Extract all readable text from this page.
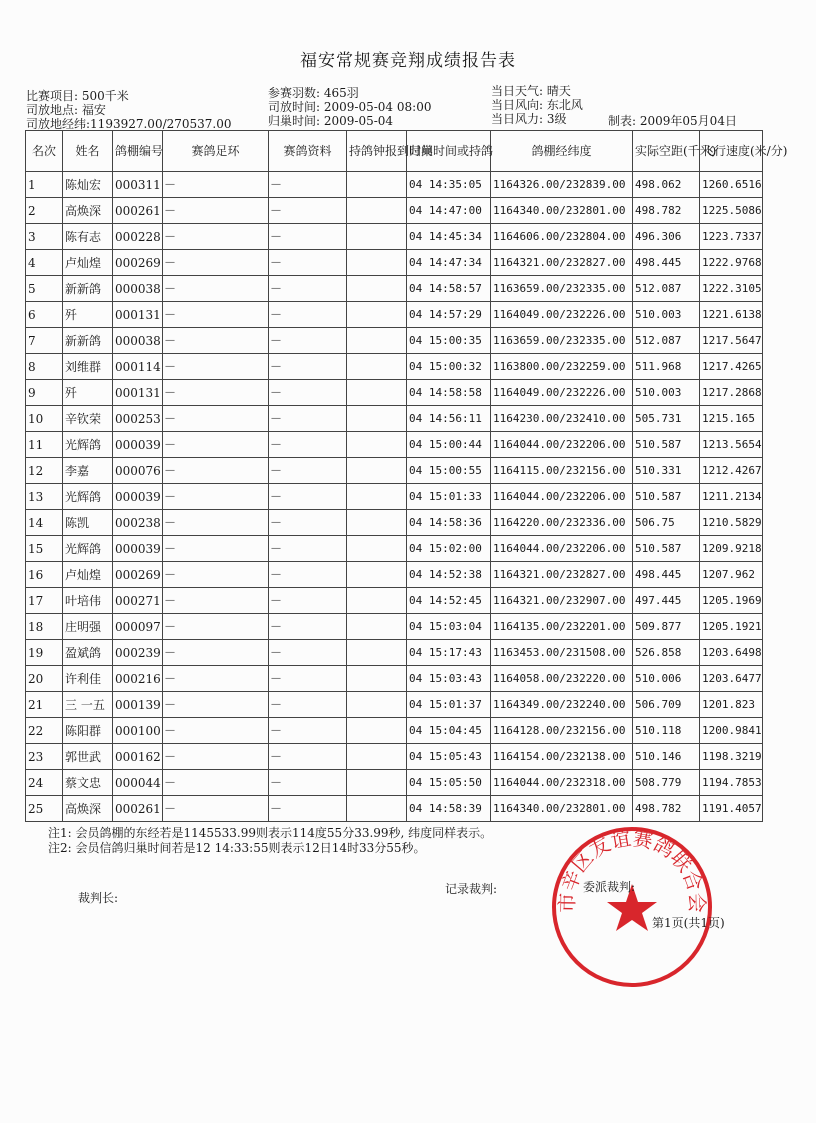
福安常规赛竞翔成绩报告表
比赛项目: 500千米
司放地点: 福安
司放地经纬:1193927.00/270537.00
参赛羽数: 465羽
司放时间: 2009-05-04 08:00
归巢时间: 2009-05-04
当日天气: 晴天
当日风向: 东北风
当日风力: 3级	制表: 2009年05月04日
名次	姓名	鸽棚编号	赛鸽足环	赛鸽资料	持鸽钟报到时间	归巢时间或持鸽	鸽棚经纬度	实际空距(千米)	飞行速度(米/分)
1	陈灿宏	000311	—	—		04 14:35:05	1164326.00/232839.00	498.062	1260.6516
2	高焕深	000261	—	—		04 14:47:00	1164340.00/232801.00	498.782	1225.5086
3	陈有志	000228	—	—		04 14:45:34	1164606.00/232804.00	496.306	1223.7337
4	卢灿煌	000269	—	—		04 14:47:34	1164321.00/232827.00	498.445	1222.9768
5	新新鸽	000038	—	—		04 14:58:57	1163659.00/232335.00	512.087	1222.3105
6	歼	000131	—	—		04 14:57:29	1164049.00/232226.00	510.003	1221.6138
7	新新鸽	000038	—	—		04 15:00:35	1163659.00/232335.00	512.087	1217.5647
8	刘维群	000114	—	—		04 15:00:32	1163800.00/232259.00	511.968	1217.4265
9	歼	000131	—	—		04 14:58:58	1164049.00/232226.00	510.003	1217.2868
10	辛钦荣	000253	—	—		04 14:56:11	1164230.00/232410.00	505.731	1215.165
11	光辉鸽	000039	—	—		04 15:00:44	1164044.00/232206.00	510.587	1213.5654
12	李嘉	000076	—	—		04 15:00:55	1164115.00/232156.00	510.331	1212.4267
13	光辉鸽	000039	—	—		04 15:01:33	1164044.00/232206.00	510.587	1211.2134
14	陈凯	000238	—	—		04 14:58:36	1164220.00/232336.00	506.75	1210.5829
15	光辉鸽	000039	—	—		04 15:02:00	1164044.00/232206.00	510.587	1209.9218
16	卢灿煌	000269	—	—		04 14:52:38	1164321.00/232827.00	498.445	1207.962
17	叶培伟	000271	—	—		04 14:52:45	1164321.00/232907.00	497.445	1205.1969
18	庄明强	000097	—	—		04 15:03:04	1164135.00/232201.00	509.877	1205.1921
19	盈斌鸽	000239	—	—		04 15:17:43	1163453.00/231508.00	526.858	1203.6498
20	许利佳	000216	—	—		04 15:03:43	1164058.00/232220.00	510.006	1203.6477
21	三 一五	000139	—	—		04 15:01:37	1164349.00/232240.00	506.709	1201.823
22	陈阳群	000100	—	—		04 15:04:45	1164128.00/232156.00	510.118	1200.9841
23	郭世武	000162	—	—		04 15:05:43	1164154.00/232138.00	510.146	1198.3219
24	蔡文忠	000044	—	—		04 15:05:50	1164044.00/232318.00	508.779	1194.7853
25	高焕深	000261	—	—		04 14:58:39	1164340.00/232801.00	498.782	1191.4057
注1: 会员鸽棚的东经若是1145533.99则表示114度55分33.99秒, 纬度同样表示。
注2: 会员信鸽归巢时间若是12 14:33:55则表示12日14时33分55秒。
裁判长:
记录裁判:
市辛区友谊赛鸽联合会
委派裁判:
第1页(共1页)
